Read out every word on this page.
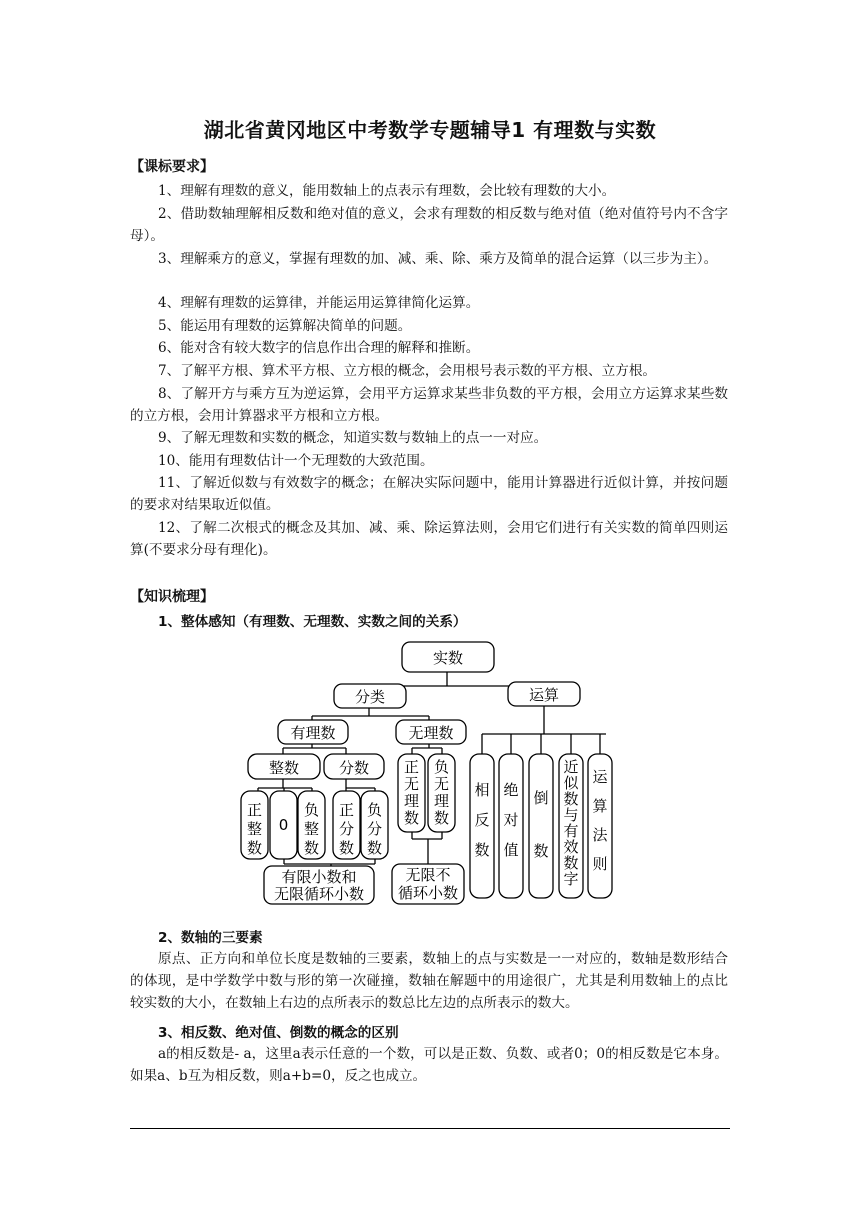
湖北省黄冈地区中考数学专题辅导1 有理数与实数
【课标要求】

1、理解有理数的意义，能用数轴上的点表示有理数，会比较有理数的大小。

2、借助数轴理解相反数和绝对值的意义，会求有理数的相反数与绝对值（绝对值符号内不含字母）。

3、理解乘方的意义，掌握有理数的加、减、乘、除、乘方及简单的混合运算（以三步为主）。

4、理解有理数的运算律，并能运用运算律简化运算。

5、能运用有理数的运算解决简单的问题。

6、能对含有较大数字的信息作出合理的解释和推断。

7、了解平方根、算术平方根、立方根的概念，会用根号表示数的平方根、立方根。

8、了解开方与乘方互为逆运算，会用平方运算求某些非负数的平方根，会用立方运算求某些数的立方根，会用计算器求平方根和立方根。

9、了解无理数和实数的概念，知道实数与数轴上的点一一对应。

10、能用有理数估计一个无理数的大致范围。

11、了解近似数与有效数字的概念；在解决实际问题中，能用计算器进行近似计算，并按问题的要求对结果取近似值。

12、了解二次根式的概念及其加、减、乘、除运算法则，会用它们进行有关实数的简单四则运算(不要求分母有理化)。

【知识梳理】
1、整体感知（有理数、无理数、实数之间的关系）
实数
分类	运算
有理数	无理数
整数	分数
正
整
数
0
负
整
数
正
分
数
负
分
数
正
无
理
数
负
无
理
数
有限小数和
无限循环小数
无限不
循环小数
相
反
数
绝
对
值
倒
数
近
似
数
与
有
效
数
字
运
算
法
则
2、数轴的三要素

原点、正方向和单位长度是数轴的三要素，数轴上的点与实数是一一对应的，数轴是数形结合的体现，是中学数学中数与形的第一次碰撞，数轴在解题中的用途很广，尤其是利用数轴上的点比较实数的大小，在数轴上右边的点所表示的数总比左边的点所表示的数大。

3、相反数、绝对值、倒数的概念的区别

a的相反数是- a，这里a表示任意的一个数，可以是正数、负数、或者0；0的相反数是它本身。如果a、b互为相反数，则a+b=0，反之也成立。
